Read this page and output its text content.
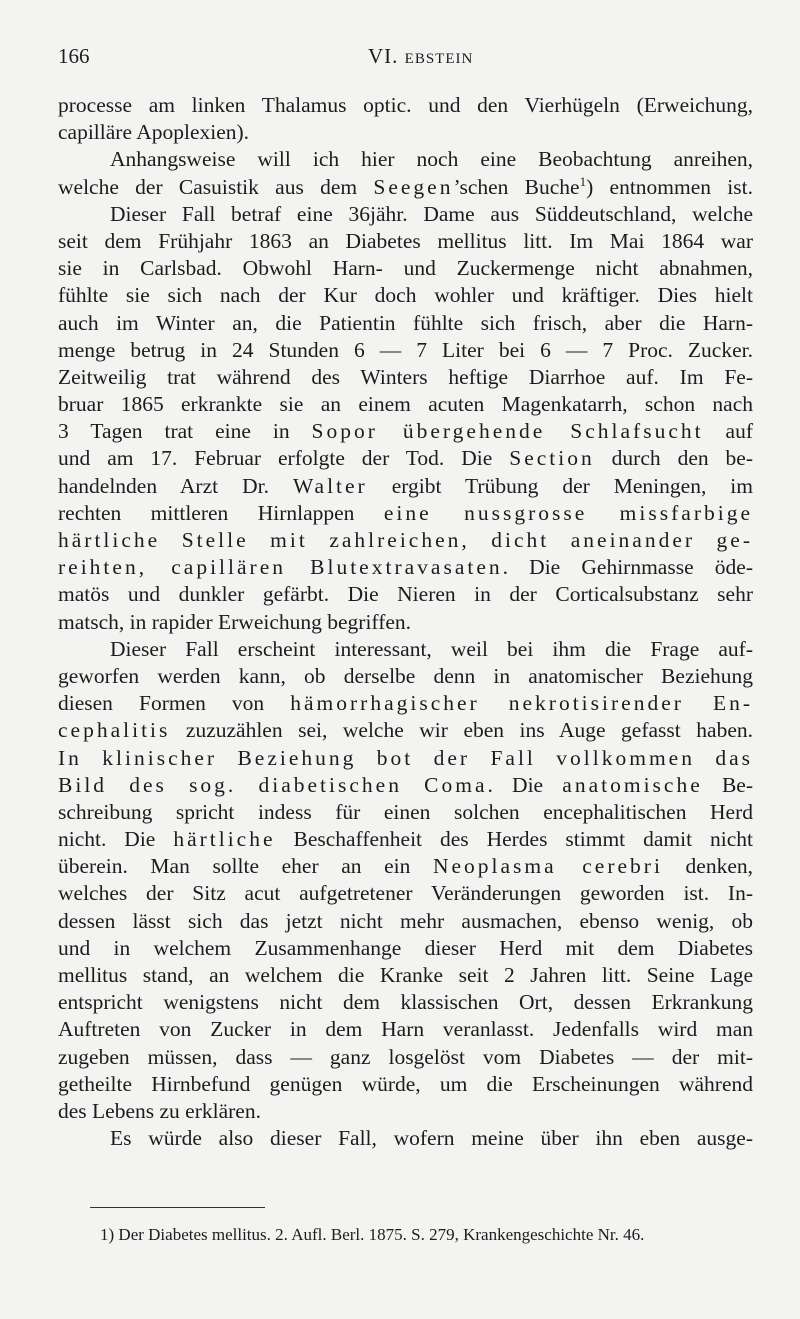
166	VI. EBSTEIN
processe am linken Thalamus optic. und den Vierhügeln (Erweichung,
capilläre Apoplexien).
Anhangsweise will ich hier noch eine Beobachtung anreihen,
welche der Casuistik aus dem Seegen’schen Buche$^1$) entnommen ist.
Dieser Fall betraf eine 36jähr. Dame aus Süddeutschland, welche
seit dem Frühjahr 1863 an Diabetes mellitus litt. Im Mai 1864 war
sie in Carlsbad. Obwohl Harn- und Zuckermenge nicht abnahmen,
fühlte sie sich nach der Kur doch wohler und kräftiger. Dies hielt
auch im Winter an, die Patientin fühlte sich frisch, aber die Harn-
menge betrug in 24 Stunden 6 — 7 Liter bei 6 — 7 Proc. Zucker.
Zeitweilig trat während des Winters heftige Diarrhoe auf. Im Fe-
bruar 1865 erkrankte sie an einem acuten Magenkatarrh, schon nach
3 Tagen trat eine in Sopor übergehende Schlafsucht auf
und am 17. Februar erfolgte der Tod. Die Section durch den be-
handelnden Arzt Dr. Walter ergibt Trübung der Meningen, im
rechten mittleren Hirnlappen eine nussgrosse missfarbige
härtliche Stelle mit zahlreichen, dicht aneinander ge-
reihten, capillären Blutextravasaten. Die Gehirnmasse öde-
matös und dunkler gefärbt. Die Nieren in der Corticalsubstanz sehr
matsch, in rapider Erweichung begriffen.
Dieser Fall erscheint interessant, weil bei ihm die Frage auf-
geworfen werden kann, ob derselbe denn in anatomischer Beziehung
diesen Formen von hämorrhagischer nekrotisirender En-
cephalitis zuzuzählen sei, welche wir eben ins Auge gefasst haben.
In klinischer Beziehung bot der Fall vollkommen das
Bild des sog. diabetischen Coma. Die anatomische Be-
schreibung spricht indess für einen solchen encephalitischen Herd
nicht. Die härtliche Beschaffenheit des Herdes stimmt damit nicht
überein. Man sollte eher an ein Neoplasma cerebri denken,
welches der Sitz acut aufgetretener Veränderungen geworden ist. In-
dessen lässt sich das jetzt nicht mehr ausmachen, ebenso wenig, ob
und in welchem Zusammenhange dieser Herd mit dem Diabetes
mellitus stand, an welchem die Kranke seit 2 Jahren litt. Seine Lage
entspricht wenigstens nicht dem klassischen Ort, dessen Erkrankung
Auftreten von Zucker in dem Harn veranlasst. Jedenfalls wird man
zugeben müssen, dass — ganz losgelöst vom Diabetes — der mit-
getheilte Hirnbefund genügen würde, um die Erscheinungen während
des Lebens zu erklären.
Es würde also dieser Fall, wofern meine über ihn eben ausge-
1) Der Diabetes mellitus. 2. Aufl. Berl. 1875. S. 279, Krankengeschichte Nr. 46.
